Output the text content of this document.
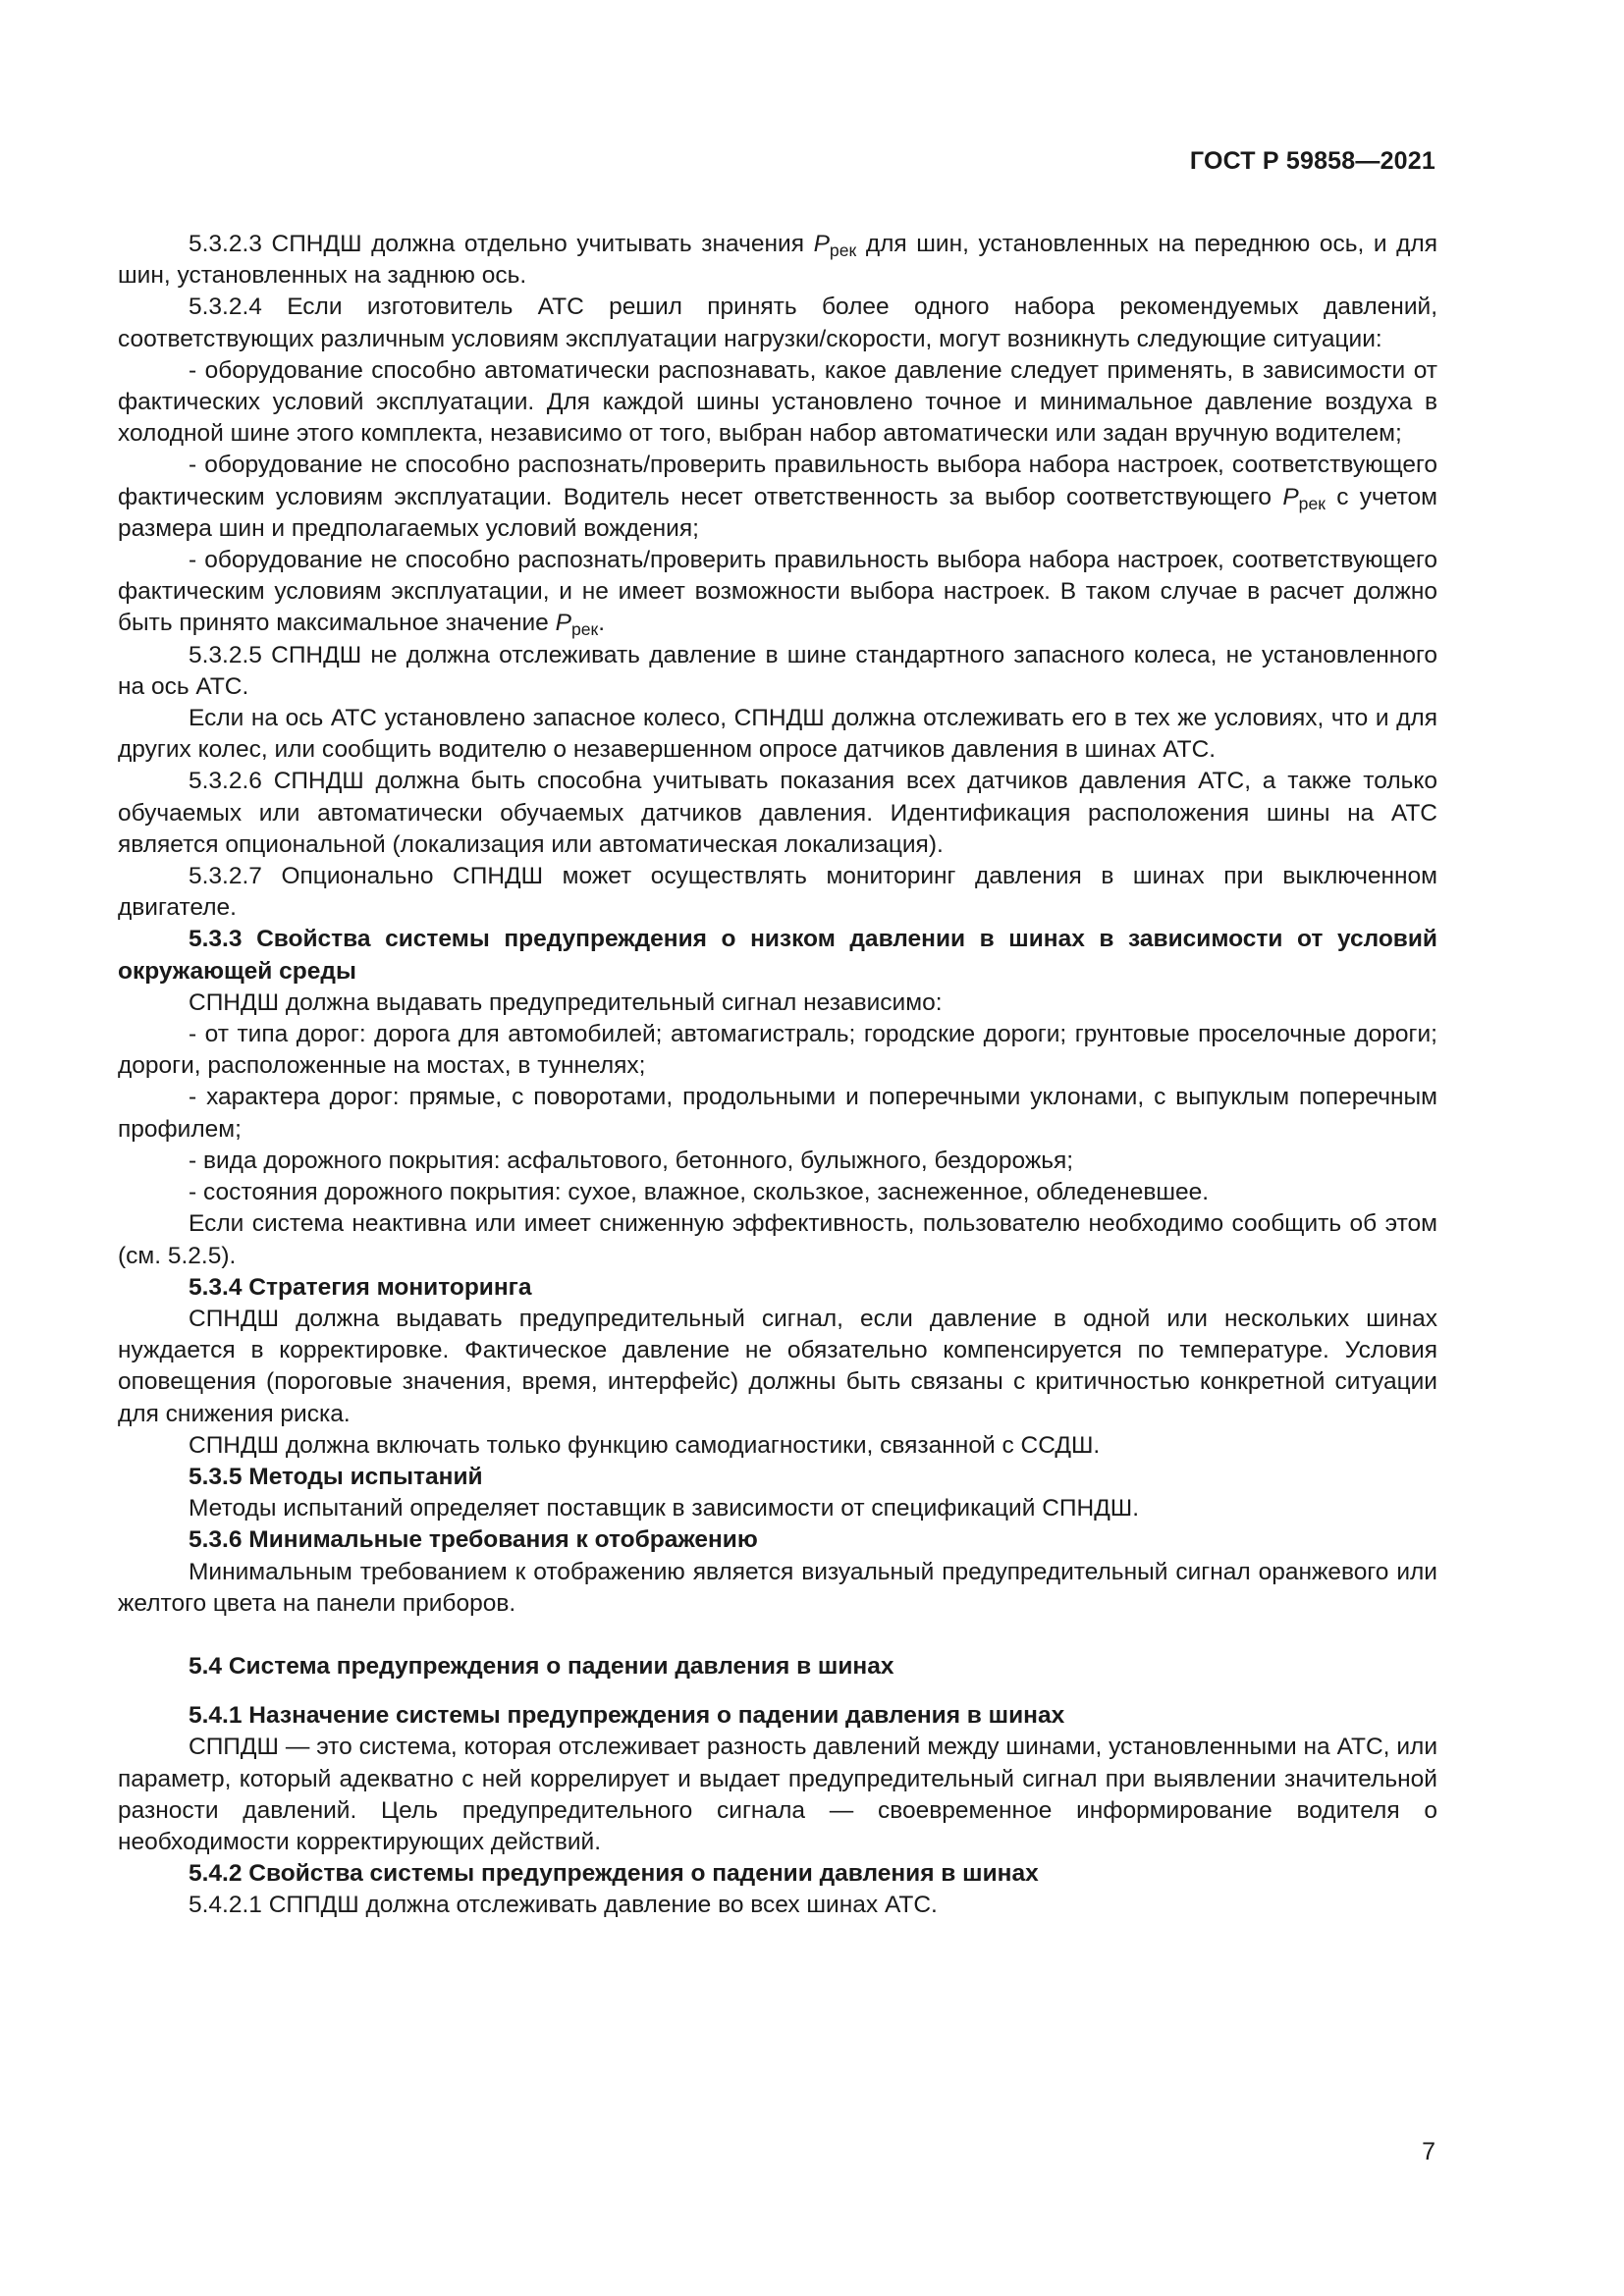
ГОСТ Р 59858—2021

5.3.2.3 СПНДШ должна отдельно учитывать значения $P_{рек}$ для шин, установленных на переднюю ось, и для шин, установленных на заднюю ось.

5.3.2.4 Если изготовитель АТС решил принять более одного набора рекомендуемых давлений, соответствующих различным условиям эксплуатации нагрузки/скорости, могут возникнуть следующие ситуации:

- оборудование способно автоматически распознавать, какое давление следует применять, в зависимости от фактических условий эксплуатации. Для каждой шины установлено точное и минимальное давление воздуха в холодной шине этого комплекта, независимо от того, выбран набор автоматически или задан вручную водителем;

- оборудование не способно распознать/проверить правильность выбора набора настроек, соответствующего фактическим условиям эксплуатации. Водитель несет ответственность за выбор соответствующего $P_{рек}$ с учетом размера шин и предполагаемых условий вождения;

- оборудование не способно распознать/проверить правильность выбора набора настроек, соответствующего фактическим условиям эксплуатации, и не имеет возможности выбора настроек. В таком случае в расчет должно быть принято максимальное значение $P_{рек}$.

5.3.2.5 СПНДШ не должна отслеживать давление в шине стандартного запасного колеса, не установленного на ось АТС.

Если на ось АТС установлено запасное колесо, СПНДШ должна отслеживать его в тех же условиях, что и для других колес, или сообщить водителю о незавершенном опросе датчиков давления в шинах АТС.

5.3.2.6 СПНДШ должна быть способна учитывать показания всех датчиков давления АТС, а также только обучаемых или автоматически обучаемых датчиков давления. Идентификация расположения шины на АТС является опциональной (локализация или автоматическая локализация).

5.3.2.7 Опционально СПНДШ может осуществлять мониторинг давления в шинах при выключенном двигателе.

5.3.3 Свойства системы предупреждения о низком давлении в шинах в зависимости от условий окружающей среды

СПНДШ должна выдавать предупредительный сигнал независимо:

- от типа дорог: дорога для автомобилей; автомагистраль; городские дороги; грунтовые проселочные дороги; дороги, расположенные на мостах, в туннелях;

- характера дорог: прямые, с поворотами, продольными и поперечными уклонами, с выпуклым поперечным профилем;

- вида дорожного покрытия: асфальтового, бетонного, булыжного, бездорожья;

- состояния дорожного покрытия: сухое, влажное, скользкое, заснеженное, обледеневшее.

Если система неактивна или имеет сниженную эффективность, пользователю необходимо сообщить об этом (см. 5.2.5).

5.3.4 Стратегия мониторинга

СПНДШ должна выдавать предупредительный сигнал, если давление в одной или нескольких шинах нуждается в корректировке. Фактическое давление не обязательно компенсируется по температуре. Условия оповещения (пороговые значения, время, интерфейс) должны быть связаны с критичностью конкретной ситуации для снижения риска.

СПНДШ должна включать только функцию самодиагностики, связанной с ССДШ.

5.3.5 Методы испытаний

Методы испытаний определяет поставщик в зависимости от спецификаций СПНДШ.

5.3.6 Минимальные требования к отображению

Минимальным требованием к отображению является визуальный предупредительный сигнал оранжевого или желтого цвета на панели приборов.

5.4 Система предупреждения о падении давления в шинах

5.4.1 Назначение системы предупреждения о падении давления в шинах

СППДШ — это система, которая отслеживает разность давлений между шинами, установленными на АТС, или параметр, который адекватно с ней коррелирует и выдает предупредительный сигнал при выявлении значительной разности давлений. Цель предупредительного сигнала — своевременное информирование водителя о необходимости корректирующих действий.

5.4.2 Свойства системы предупреждения о падении давления в шинах

5.4.2.1 СППДШ должна отслеживать давление во всех шинах АТС.

7
